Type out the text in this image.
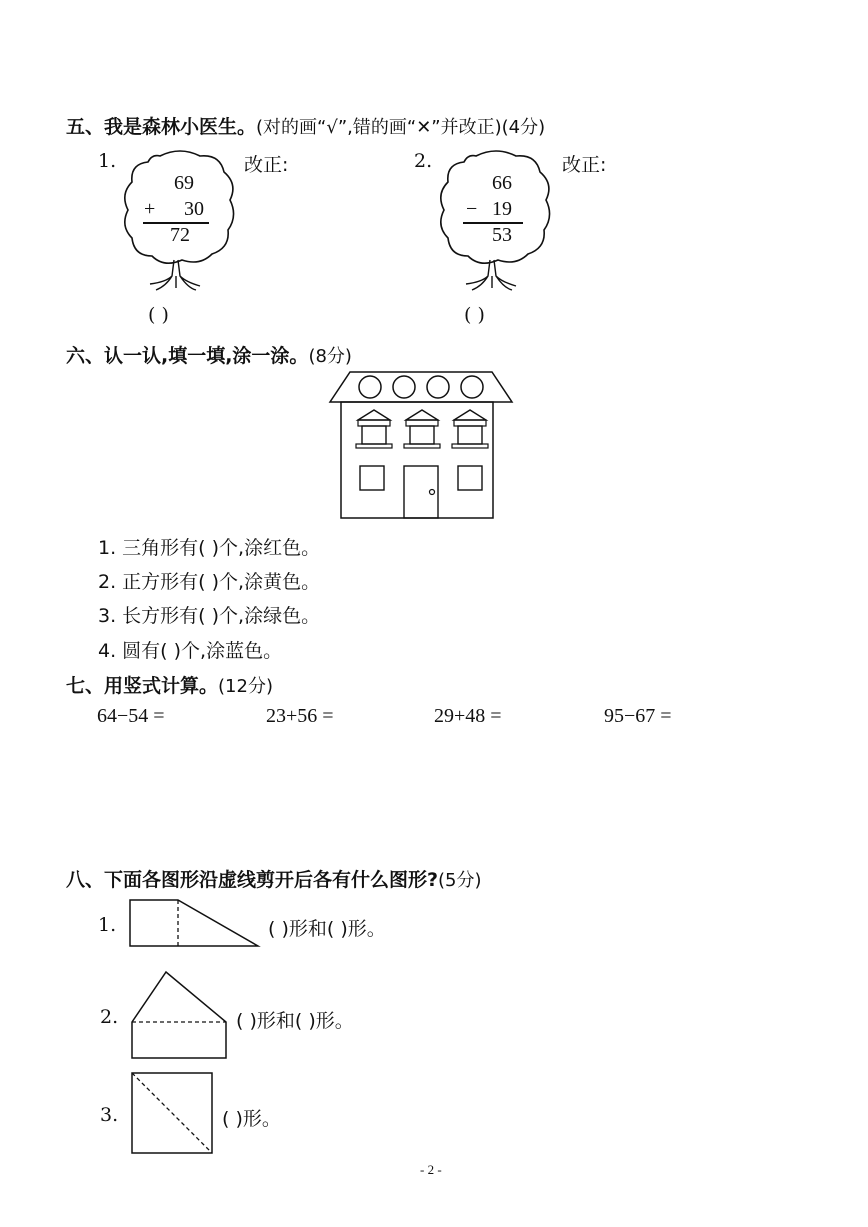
五、我是森林小医生。(对的画“√”,错的画“✕”并改正)(4分)
1.
69
+	30
72
改正:
( )
2.
66
− 19
53
改正:
( )
六、认一认,填一填,涂一涂。(8分)
1. 三角形有( )个,涂红色。
2. 正方形有( )个,涂黄色。
3. 长方形有( )个,涂绿色。
4. 圆有( )个,涂蓝色。
七、用竖式计算。(12分)
64−54 =	23+56 =	29+48 =	95−67 =
八、下面各图形沿虚线剪开后各有什么图形?(5分)
1.	( )形和( )形。
2.	( )形和( )形。
3.	( )形。
- 2 -
